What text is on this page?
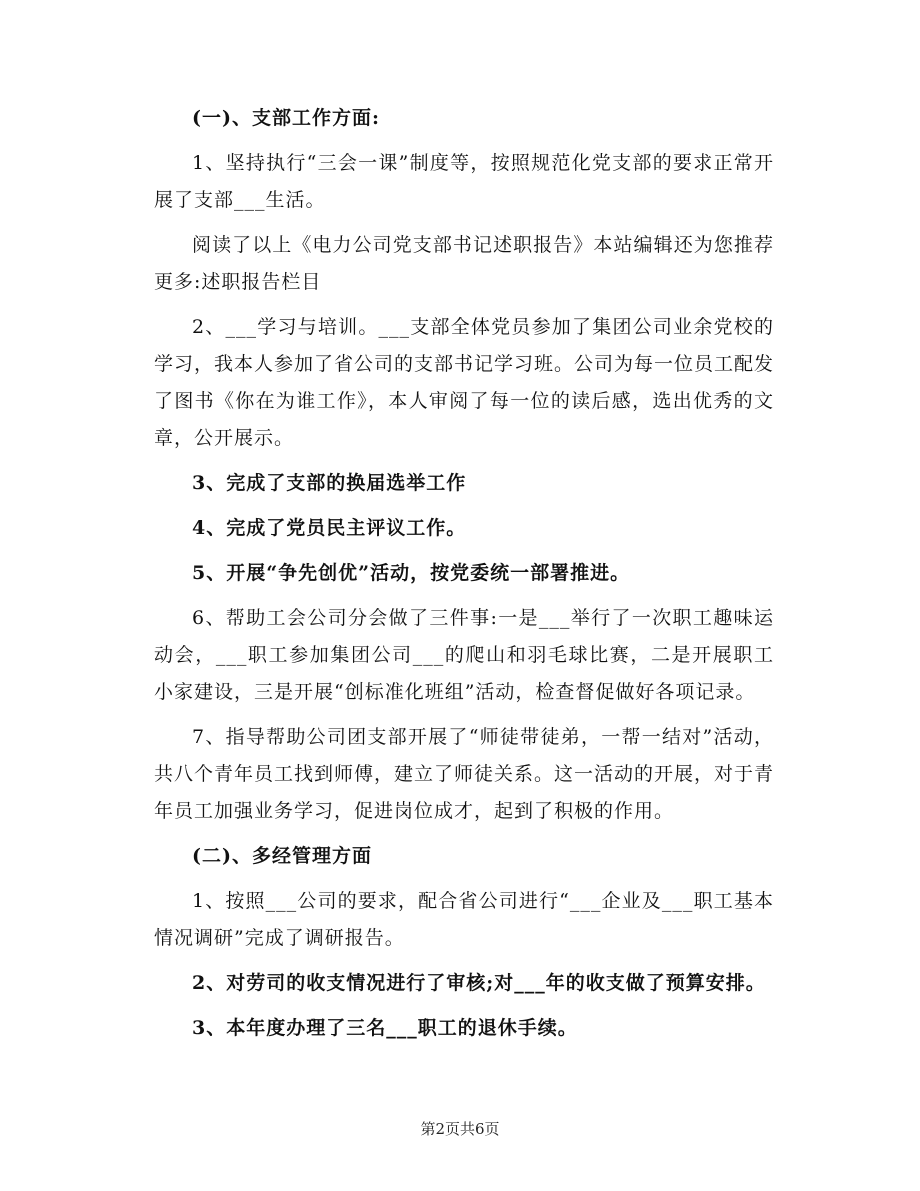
(一)、支部工作方面:

1、坚持执行“三会一课”制度等，按照规范化党支部的要求正常开展了支部___生活。

阅读了以上《电力公司党支部书记述职报告》本站编辑还为您推荐更多:述职报告栏目

2、___学习与培训。___支部全体党员参加了集团公司业余党校的学习，我本人参加了省公司的支部书记学习班。公司为每一位员工配发了图书《你在为谁工作》，本人审阅了每一位的读后感，选出优秀的文章，公开展示。

3、完成了支部的换届选举工作

4、完成了党员民主评议工作。

5、开展“争先创优”活动，按党委统一部署推进。

6、帮助工会公司分会做了三件事:一是___举行了一次职工趣味运动会，___职工参加集团公司___的爬山和羽毛球比赛，二是开展职工小家建设，三是开展“创标准化班组”活动，检查督促做好各项记录。

7、指导帮助公司团支部开展了“师徒带徒弟，一帮一结对”活动，共八个青年员工找到师傅，建立了师徒关系。这一活动的开展，对于青年员工加强业务学习，促进岗位成才，起到了积极的作用。

(二)、多经管理方面

1、按照___公司的要求，配合省公司进行“___企业及___职工基本情况调研”完成了调研报告。

2、对劳司的收支情况进行了审核;对___年的收支做了预算安排。

3、本年度办理了三名___职工的退休手续。

第2页共6页
